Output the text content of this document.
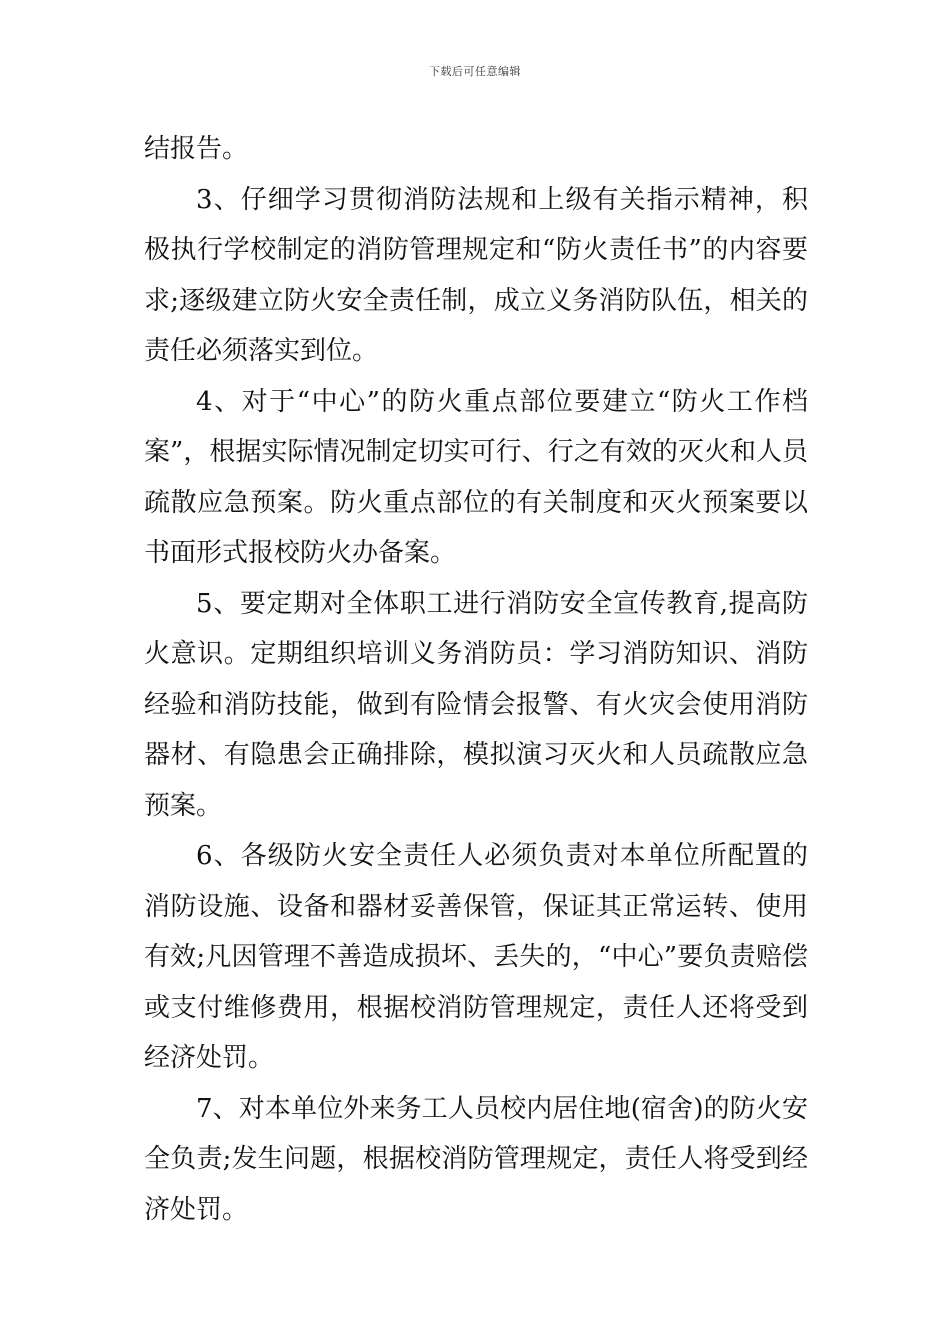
下载后可任意编辑

结报告。

3、仔细学习贯彻消防法规和上级有关指示精神，积极执行学校制定的消防管理规定和“防火责任书”的内容要求;逐级建立防火安全责任制，成立义务消防队伍，相关的责任必须落实到位。

4、对于“中心”的防火重点部位要建立“防火工作档案”，根据实际情况制定切实可行、行之有效的灭火和人员疏散应急预案。防火重点部位的有关制度和灭火预案要以书面形式报校防火办备案。

5、要定期对全体职工进行消防安全宣传教育,提高防火意识。定期组织培训义务消防员：学习消防知识、消防经验和消防技能，做到有险情会报警、有火灾会使用消防器材、有隐患会正确排除，模拟演习灭火和人员疏散应急预案。

6、各级防火安全责任人必须负责对本单位所配置的消防设施、设备和器材妥善保管，保证其正常运转、使用有效;凡因管理不善造成损坏、丢失的，“中心”要负责赔偿或支付维修费用，根据校消防管理规定，责任人还将受到经济处罚。

7、对本单位外来务工人员校内居住地(宿舍)的防火安全负责;发生问题，根据校消防管理规定，责任人将受到经济处罚。
